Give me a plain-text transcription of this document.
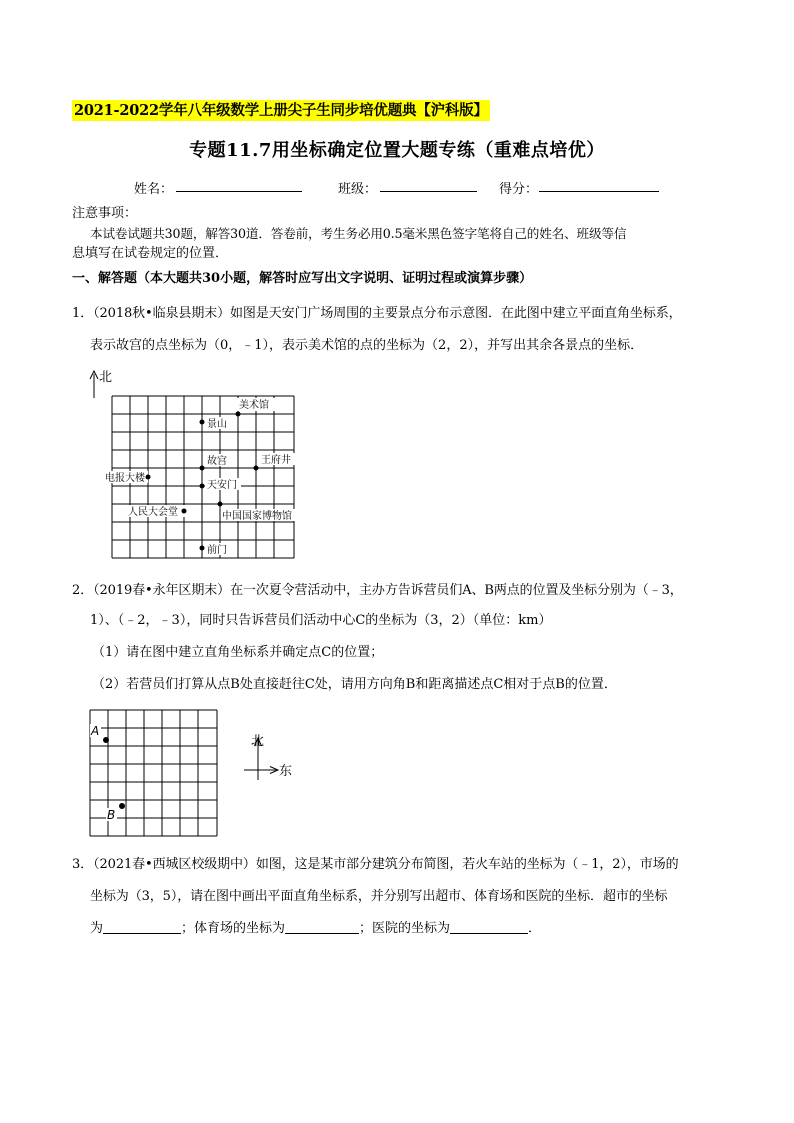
2021-2022学年八年级数学上册尖子生同步培优题典【沪科版】
专题11.7用坐标确定位置大题专练（重难点培优）
姓名：	班级：	得分：
注意事项：
本试卷试题共30题，解答30道．答卷前，考生务必用0.5毫米黑色签字笔将自己的姓名、班级等信
息填写在试卷规定的位置．
一、解答题（本大题共30小题，解答时应写出文字说明、证明过程或演算步骤）
1．（2018秋•临泉县期末）如图是天安门广场周围的主要景点分布示意图．在此图中建立平面直角坐标系，
表示故宫的点坐标为（0，﹣1），表示美术馆的点的坐标为（2，2），并写出其余各景点的坐标．
北
美术馆
景山
故宫	王府井
电报大楼
天安门
人民大会堂	中国国家博物馆
前门
2．（2019春•永年区期末）在一次夏令营活动中，主办方告诉营员们A、B两点的位置及坐标分别为（﹣3，
1）、（﹣2，﹣3），同时只告诉营员们活动中心C的坐标为（3，2）（单位：km）
（1）请在图中建立直角坐标系并确定点C的位置；
（2）若营员们打算从点B处直接赶往C处，请用方向角B和距离描述点C相对于点B的位置．
A
B
北
东
3．（2021春•西城区校级期中）如图，这是某市部分建筑分布简图，若火车站的坐标为（﹣1，2），市场的
坐标为（3，5），请在图中画出平面直角坐标系，并分别写出超市、体育场和医院的坐标．超市的坐标
为	；体育场的坐标为	；医院的坐标为	．
